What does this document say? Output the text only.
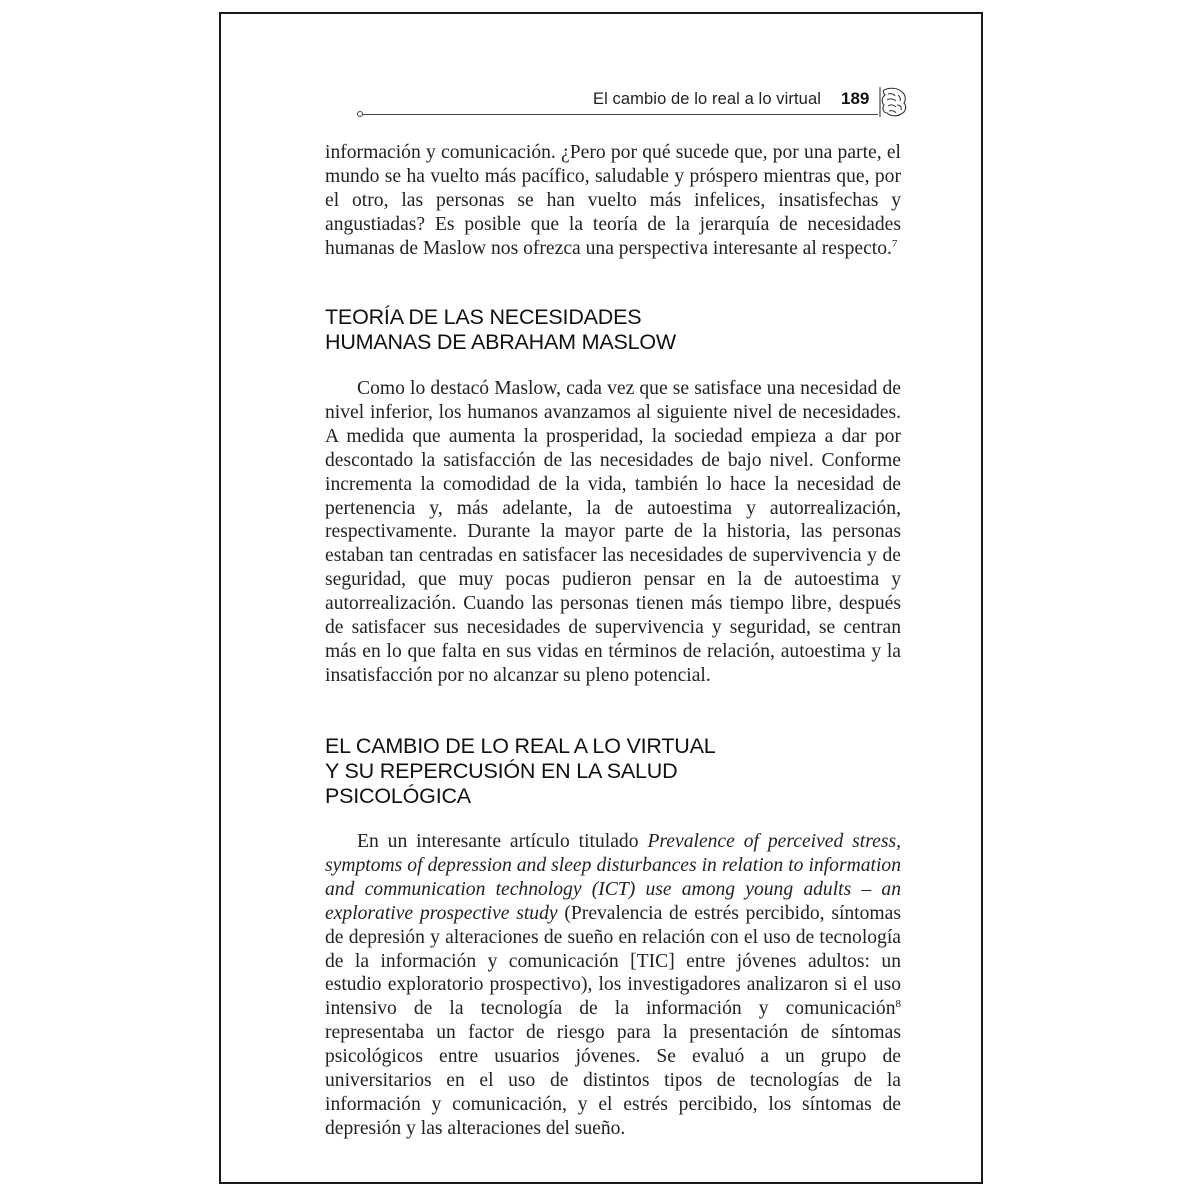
El cambio de lo real a lo virtual 189

información y comunicación. ¿Pero por qué sucede que, por una parte, el mundo se ha vuelto más pacífico, saludable y próspero mientras que, por el otro, las personas se han vuelto más infelices, insatisfechas y angustiadas? Es posible que la teoría de la jerarquía de necesidades humanas de Maslow nos ofrezca una perspectiva interesante al respecto.$^7$

TEORÍA DE LAS NECESIDADES
HUMANAS DE ABRAHAM MASLOW

Como lo destacó Maslow, cada vez que se satisface una necesidad de nivel inferior, los humanos avanzamos al siguiente nivel de necesidades. A medida que aumenta la prosperidad, la sociedad empieza a dar por descontado la satisfacción de las necesidades de bajo nivel. Conforme incrementa la comodidad de la vida, también lo hace la necesidad de pertenencia y, más adelante, la de autoestima y autorrealización, respectivamente. Durante la mayor parte de la historia, las personas estaban tan centradas en satisfacer las necesidades de supervivencia y de seguridad, que muy pocas pudieron pensar en la de autoestima y autorrealización. Cuando las personas tienen más tiempo libre, después de satisfacer sus necesidades de supervivencia y seguridad, se centran más en lo que falta en sus vidas en términos de relación, autoestima y la insatisfacción por no alcanzar su pleno potencial.

EL CAMBIO DE LO REAL A LO VIRTUAL
Y SU REPERCUSIÓN EN LA SALUD
PSICOLÓGICA

En un interesante artículo titulado Prevalence of perceived stress, symptoms of depression and sleep disturbances in relation to information and communication technology (ICT) use among young adults – an explorative prospective study (Prevalencia de estrés percibido, síntomas de depresión y alteraciones de sueño en relación con el uso de tecnología de la información y comunicación [TIC] entre jóvenes adultos: un estudio exploratorio prospectivo), los investigadores analizaron si el uso intensivo de la tecnología de la información y comunicación$^8$ representaba un factor de riesgo para la presentación de síntomas psicológicos entre usuarios jóvenes. Se evaluó a un grupo de universitarios en el uso de distintos tipos de tecnologías de la información y comunicación, y el estrés percibido, los síntomas de depresión y las alteraciones del sueño.
